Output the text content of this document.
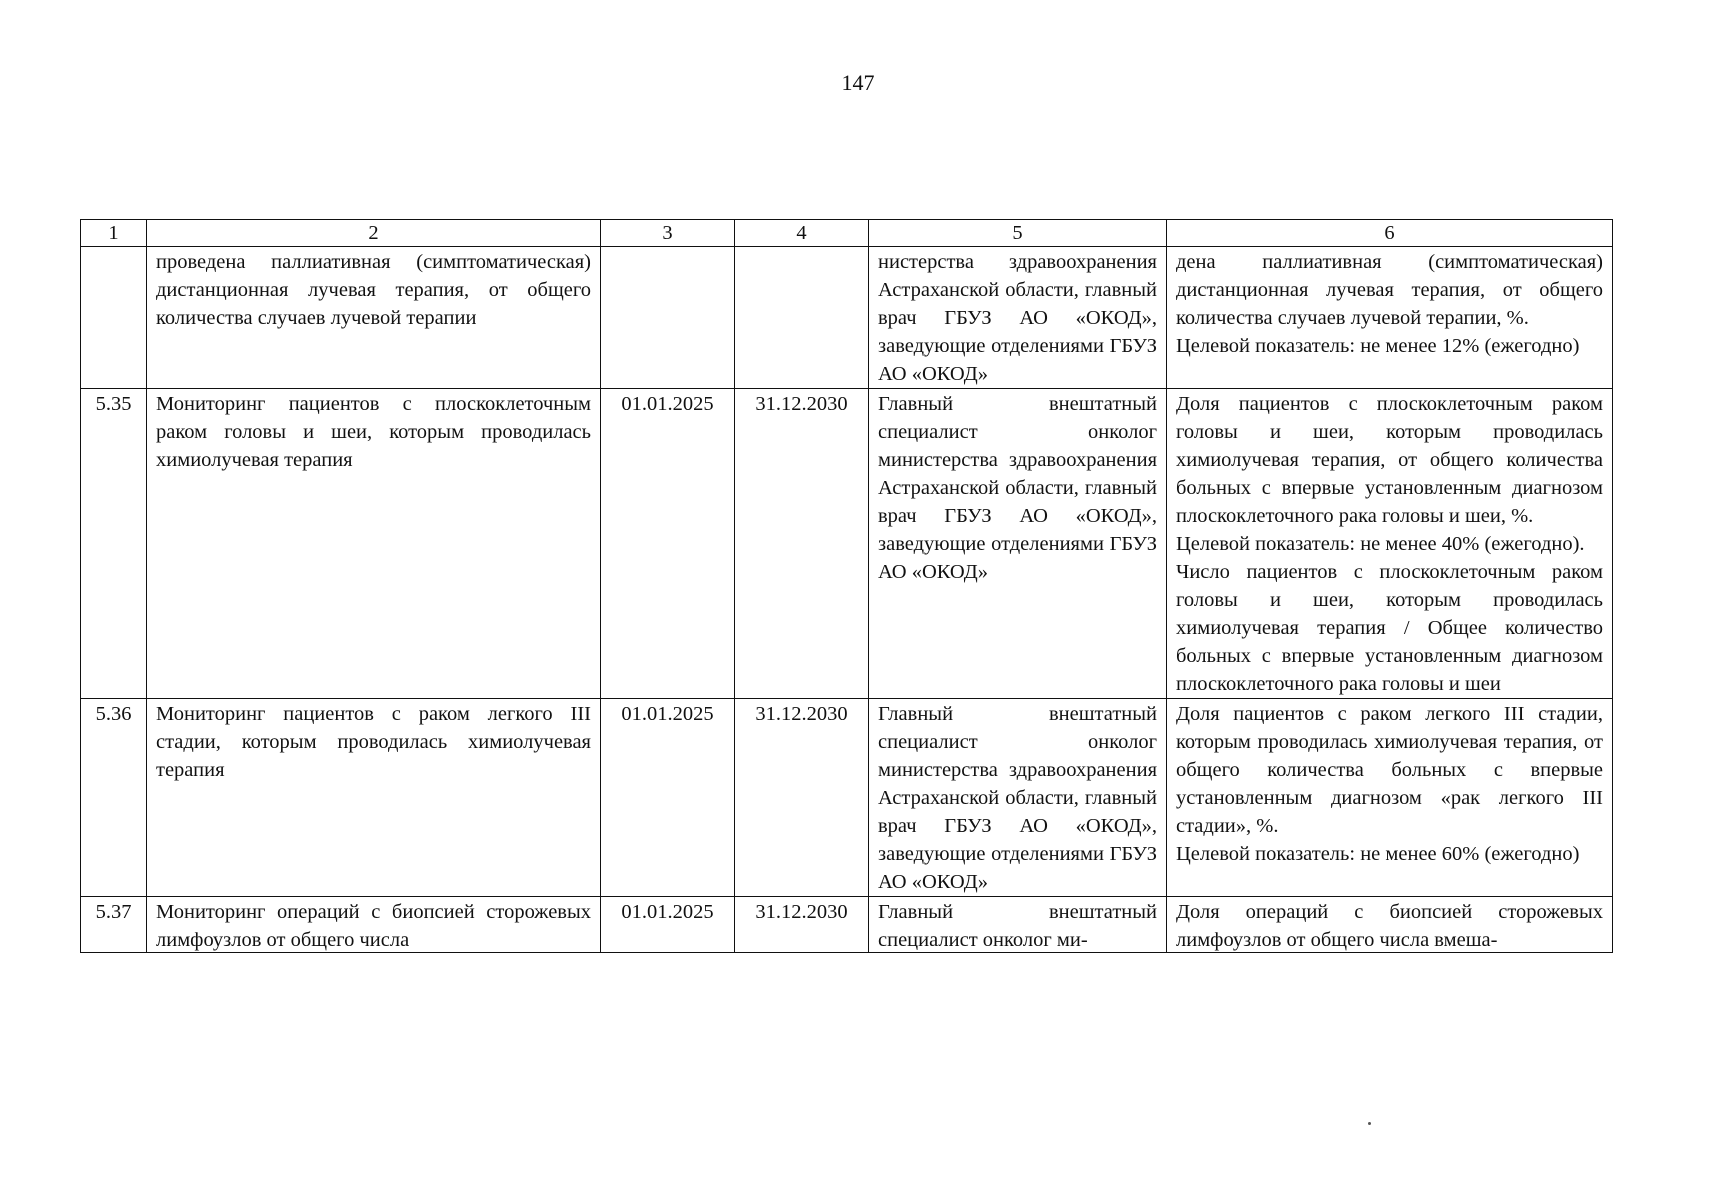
147
1	2	3	4	5	6
	проведена паллиативная (симптоматическая) дистанционная лучевая терапия, от общего количества случаев лучевой терапии			нистерства здравоохранения Астраханской области, главный врач ГБУЗ АО «ОКОД», заведующие отделениями ГБУЗ АО «ОКОД»	дена паллиативная (симптоматическая) дистанционная лучевая терапия, от общего количества случаев лучевой терапии, %.
Целевой показатель: не менее 12% (ежегодно)

5.35	Мониторинг пациентов с плоскоклеточным раком головы и шеи, которым проводилась химиолучевая терапия	01.01.2025	31.12.2030	Главный внештатный специалист онколог министерства здравоохранения Астраханской области, главный врач ГБУЗ АО «ОКОД», заведующие отделениями ГБУЗ АО «ОКОД»	Доля пациентов с плоскоклеточным раком головы и шеи, которым проводилась химиолучевая терапия, от общего количества больных с впервые установленным диагнозом плоскоклеточного рака головы и шеи, %.
Целевой показатель: не менее 40% (ежегодно).
Число пациентов с плоскоклеточным раком головы и шеи, которым проводилась химиолучевая терапия / Общее количество больных с впервые установленным диагнозом плоскоклеточного рака головы и шеи

5.36	Мониторинг пациентов с раком легкого III стадии, которым проводилась химиолучевая терапия	01.01.2025	31.12.2030	Главный внештатный специалист онколог министерства здравоохранения Астраханской области, главный врач ГБУЗ АО «ОКОД», заведующие отделениями ГБУЗ АО «ОКОД»	Доля пациентов с раком легкого III стадии, которым проводилась химиолучевая терапия, от общего количества больных с впервые установленным диагнозом «рак легкого III стадии», %.
Целевой показатель: не менее 60% (ежегодно)

5.37	Мониторинг операций с биопсией сторожевых лимфоузлов от общего числа	01.01.2025	31.12.2030	Главный внештатный специалист онколог ми-	Доля операций с биопсией сторожевых лимфоузлов от общего числа вмеша-
